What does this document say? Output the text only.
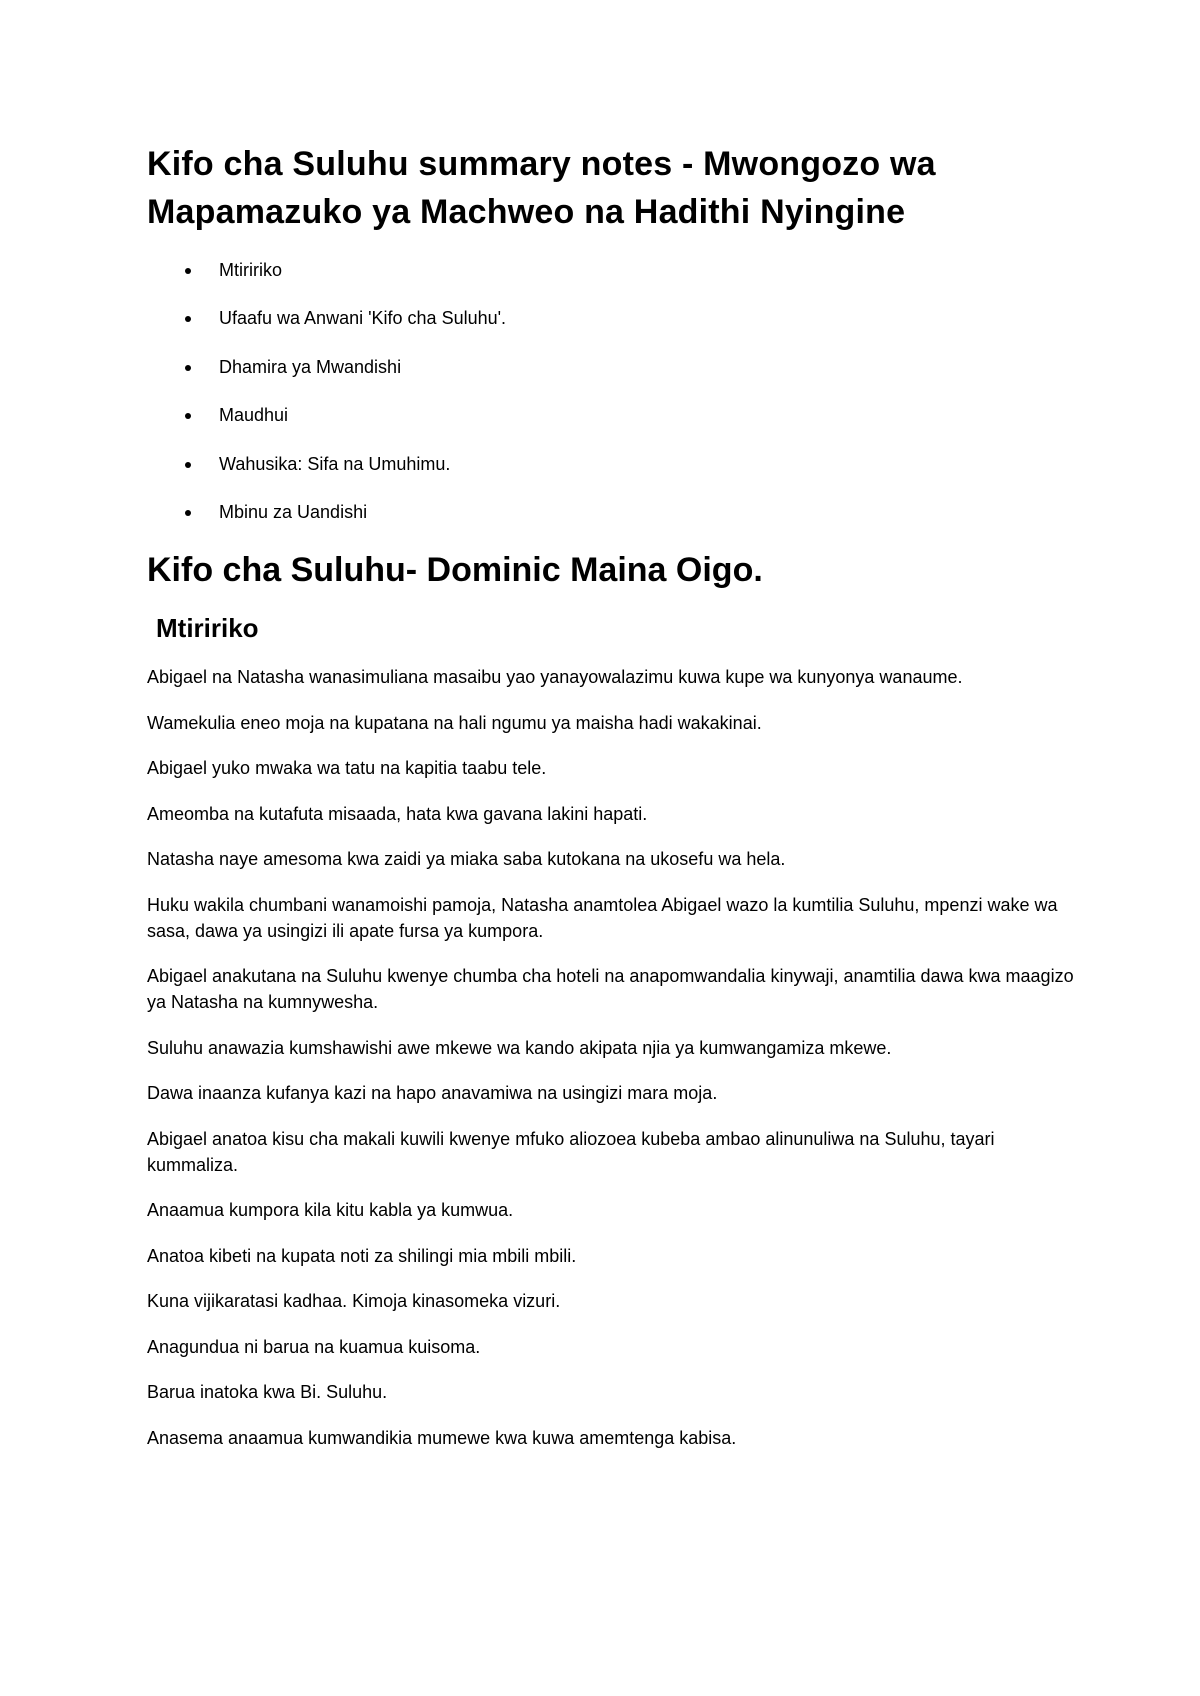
Kifo cha Suluhu summary notes - Mwongozo wa Mapamazuko ya Machweo na Hadithi Nyingine
Mtiririko
Ufaafu wa Anwani 'Kifo cha Suluhu'.
Dhamira ya Mwandishi
Maudhui
Wahusika: Sifa na Umuhimu.
Mbinu za Uandishi
Kifo cha Suluhu- Dominic Maina Oigo.
Mtiririko

Abigael na Natasha wanasimuliana masaibu yao yanayowalazimu kuwa kupe wa kunyonya wanaume.

Wamekulia eneo moja na kupatana na hali ngumu ya maisha hadi wakakinai.

Abigael yuko mwaka wa tatu na kapitia taabu tele.

Ameomba na kutafuta misaada, hata kwa gavana lakini hapati.

Natasha naye amesoma kwa zaidi ya miaka saba kutokana na ukosefu wa hela.

Huku wakila chumbani wanamoishi pamoja, Natasha anamtolea Abigael wazo la kumtilia Suluhu, mpenzi wake wa sasa, dawa ya usingizi ili apate fursa ya kumpora.

Abigael anakutana na Suluhu kwenye chumba cha hoteli na anapomwandalia kinywaji, anamtilia dawa kwa maagizo ya Natasha na kumnywesha.

Suluhu anawazia kumshawishi awe mkewe wa kando akipata njia ya kumwangamiza mkewe.

Dawa inaanza kufanya kazi na hapo anavamiwa na usingizi mara moja.

Abigael anatoa kisu cha makali kuwili kwenye mfuko aliozoea kubeba ambao alinunuliwa na Suluhu, tayari kummaliza.

Anaamua kumpora kila kitu kabla ya kumwua.

Anatoa kibeti na kupata noti za shilingi mia mbili mbili.

Kuna vijikaratasi kadhaa. Kimoja kinasomeka vizuri.

Anagundua ni barua na kuamua kuisoma.

Barua inatoka kwa Bi. Suluhu.

Anasema anaamua kumwandikia mumewe kwa kuwa amemtenga kabisa.
